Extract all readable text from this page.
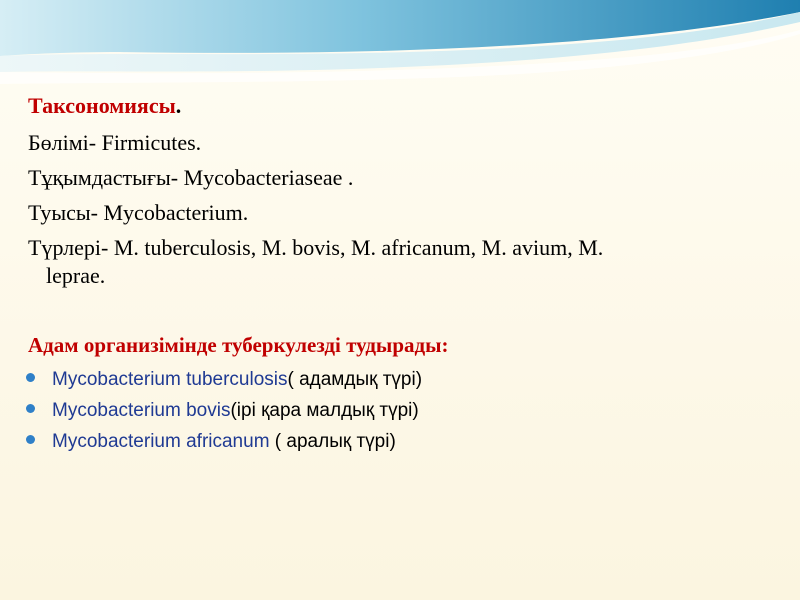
Таксономиясы.
Бөлімі- Firmicutes.
Тұқымдастығы- Mycobacteriaseae .
Туысы- Mycobacterium.
Түрлері- M. tuberculosis, M. bovis, M. africanum, M. avium, M.
leprae.
Адам организімінде туберкулезді тудырады:
Mycobacterium tuberculosis( адамдық түрі)
Mycobacterium bovis(ірі қара малдық түрі)
Mycobacterium africanum ( аралық түрі)
